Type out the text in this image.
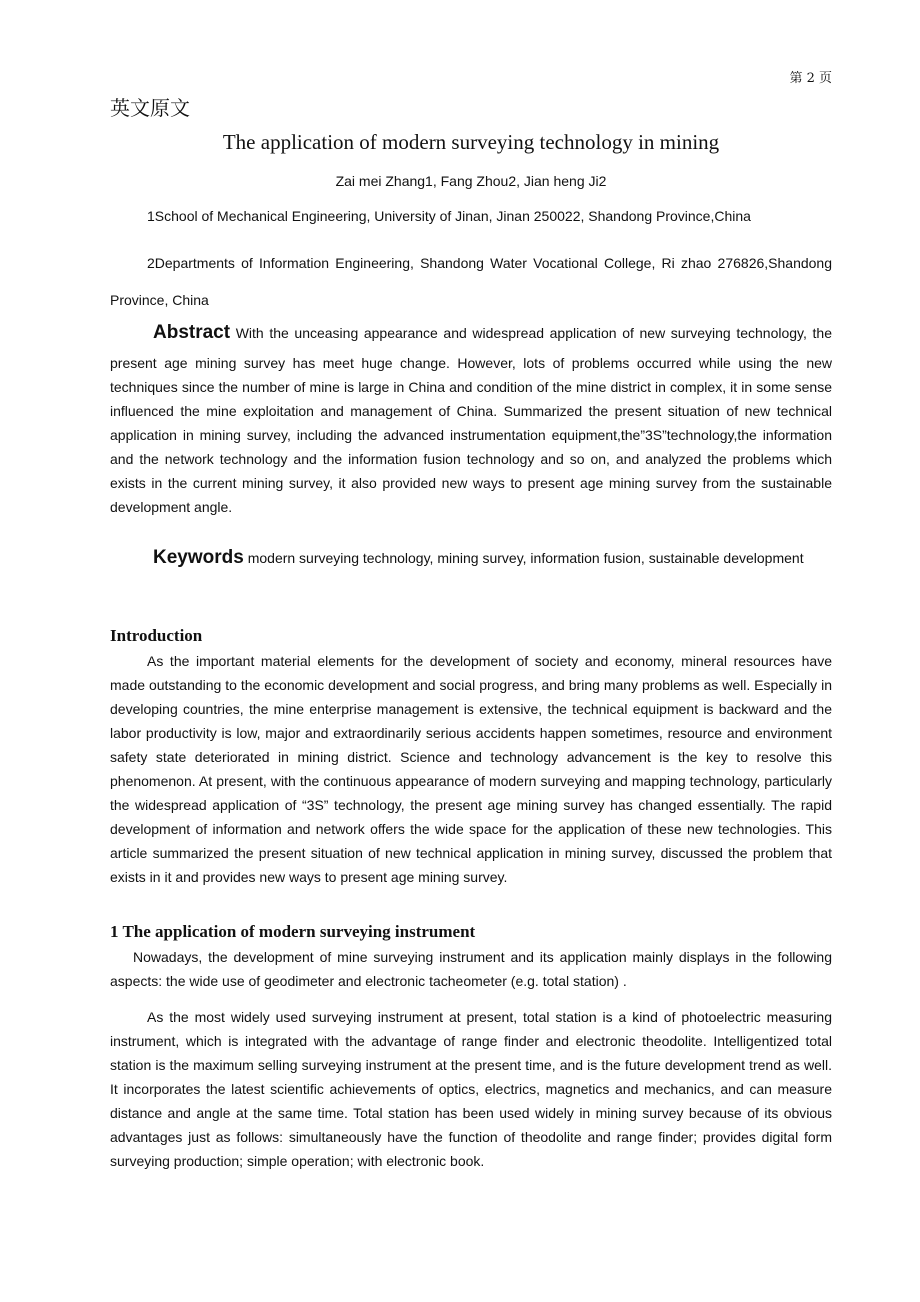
第 2 页
英文原文
The application of modern surveying technology in mining
Zai mei Zhang1, Fang Zhou2, Jian heng Ji2
1School of Mechanical Engineering, University of Jinan, Jinan 250022, Shandong Province,China
2Departments of Information Engineering, Shandong Water Vocational College, Ri zhao 276826,Shandong Province, China
Abstract With the unceasing appearance and widespread application of new surveying technology, the present age mining survey has meet huge change. However, lots of problems occurred while using the new techniques since the number of mine is large in China and condition of the mine district in complex, it in some sense influenced the mine exploitation and management of China. Summarized the present situation of new technical application in mining survey, including the advanced instrumentation equipment,the”3S”technology,the information and the network technology and the information fusion technology and so on, and analyzed the problems which exists in the current mining survey, it also provided new ways to present age mining survey from the sustainable development angle.
Keywords modern surveying technology, mining survey, information fusion, sustainable development
Introduction
As the important material elements for the development of society and economy, mineral resources have made outstanding to the economic development and social progress, and bring many problems as well. Especially in developing countries, the mine enterprise management is extensive, the technical equipment is backward and the labor productivity is low, major and extraordinarily serious accidents happen sometimes, resource and environment safety state deteriorated in mining district. Science and technology advancement is the key to resolve this phenomenon. At present, with the continuous appearance of modern surveying and mapping technology, particularly the widespread application of “3S” technology, the present age mining survey has changed essentially. The rapid development of information and network offers the wide space for the application of these new technologies. This article summarized the present situation of new technical application in mining survey, discussed the problem that exists in it and provides new ways to present age mining survey.
1 The application of modern surveying instrument
Nowadays, the development of mine surveying instrument and its application mainly displays in the following aspects: the wide use of geodimeter and electronic tacheometer (e.g. total station) .
As the most widely used surveying instrument at present, total station is a kind of photoelectric measuring instrument, which is integrated with the advantage of range finder and electronic theodolite. Intelligentized total station is the maximum selling surveying instrument at the present time, and is the future development trend as well. It incorporates the latest scientific achievements of optics, electrics, magnetics and mechanics, and can measure distance and angle at the same time. Total station has been used widely in mining survey because of its obvious advantages just as follows: simultaneously have the function of theodolite and range finder; provides digital form surveying production; simple operation; with electronic book.
